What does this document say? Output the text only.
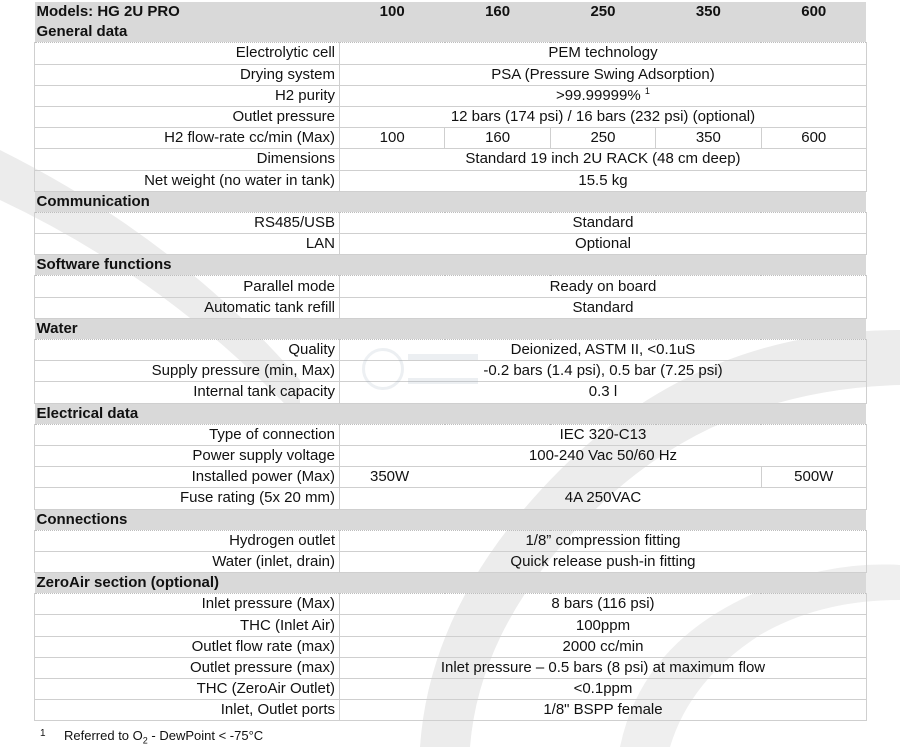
Models: HG 2U PRO	100	160	250	350	600
General data					
Electrolytic cell	PEM technology				
Drying system	PSA (Pressure Swing Adsorption)				
H2 purity	>99.99999% $^1$
Outlet pressure	12 bars (174 psi) / 16 bars (232 psi) (optional)				
H2 flow-rate cc/min (Max)	100	160	250	350	600
Dimensions	Standard 19 inch 2U RACK (48 cm deep)				
Net weight (no water in tank)	15.5 kg				
Communication					
RS485/USB	Standard				
LAN	Optional				
Software functions					
Parallel mode	Ready on board				
Automatic tank refill	Standard				
Water					
Quality	Deionized, ASTM II, <0.1uS				
Supply pressure (min, Max)	-0.2 bars (1.4 psi), 0.5 bar (7.25 psi)				
Internal tank capacity	0.3 l				
Electrical data					
Type of connection	IEC 320-C13				
Power supply voltage	100-240 Vac 50/60 Hz				
Installed power (Max)	350W				500W
Fuse rating (5x 20 mm)	4A 250VAC				
Connections					
Hydrogen outlet	1/8” compression fitting				
Water (inlet, drain)	Quick release push-in fitting				
ZeroAir section (optional)					
Inlet pressure (Max)	8 bars (116 psi)				
THC (Inlet Air)	100ppm				
Outlet flow rate (max)	2000 cc/min				
Outlet pressure (max)	Inlet pressure – 0.5 bars (8 psi) at maximum flow				
THC (ZeroAir Outlet)	<0.1ppm				
Inlet, Outlet ports	1/8" BSPP female				
1 Referred to $O_2$ - DewPoint < -75°C
